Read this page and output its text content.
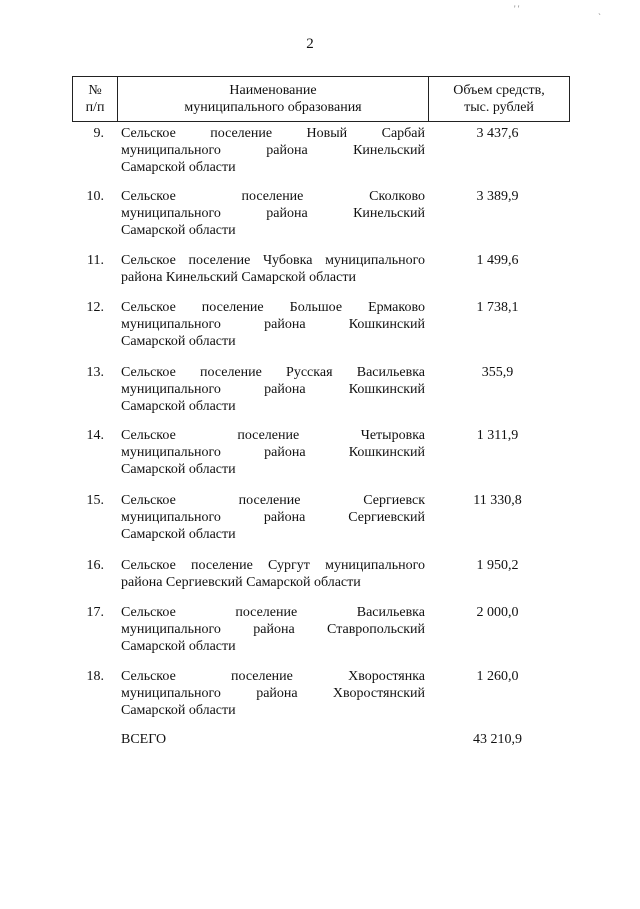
2
№
п/п
Наименование
муниципального образования
Объем средств,
тыс. рублей
9. Сельское поселение Новый Сарбай
муниципального района Кинельский
Самарской области
3 437,6
10. Сельское поселение Сколково
муниципального района Кинельский
Самарской области
3 389,9
11. Сельское поселение Чубовка муниципального
района Кинельский Самарской области
1 499,6
12. Сельское поселение Большое Ермаково
муниципального района Кошкинский
Самарской области
1 738,1
13. Сельское поселение Русская Васильевка
муниципального района Кошкинский
Самарской области
355,9
14. Сельское поселение Четыровка
муниципального района Кошкинский
Самарской области
1 311,9
15. Сельское поселение Сергиевск
муниципального района Сергиевский
Самарской области
11 330,8
16. Сельское поселение Сургут муниципального
района Сергиевский Самарской области
1 950,2
17. Сельское поселение Васильевка
муниципального района Ставропольский
Самарской области
2 000,0
18. Сельское поселение Хворостянка
муниципального района Хворостянский
Самарской области
1 260,0
ВСЕГО	43 210,9
`
' '
